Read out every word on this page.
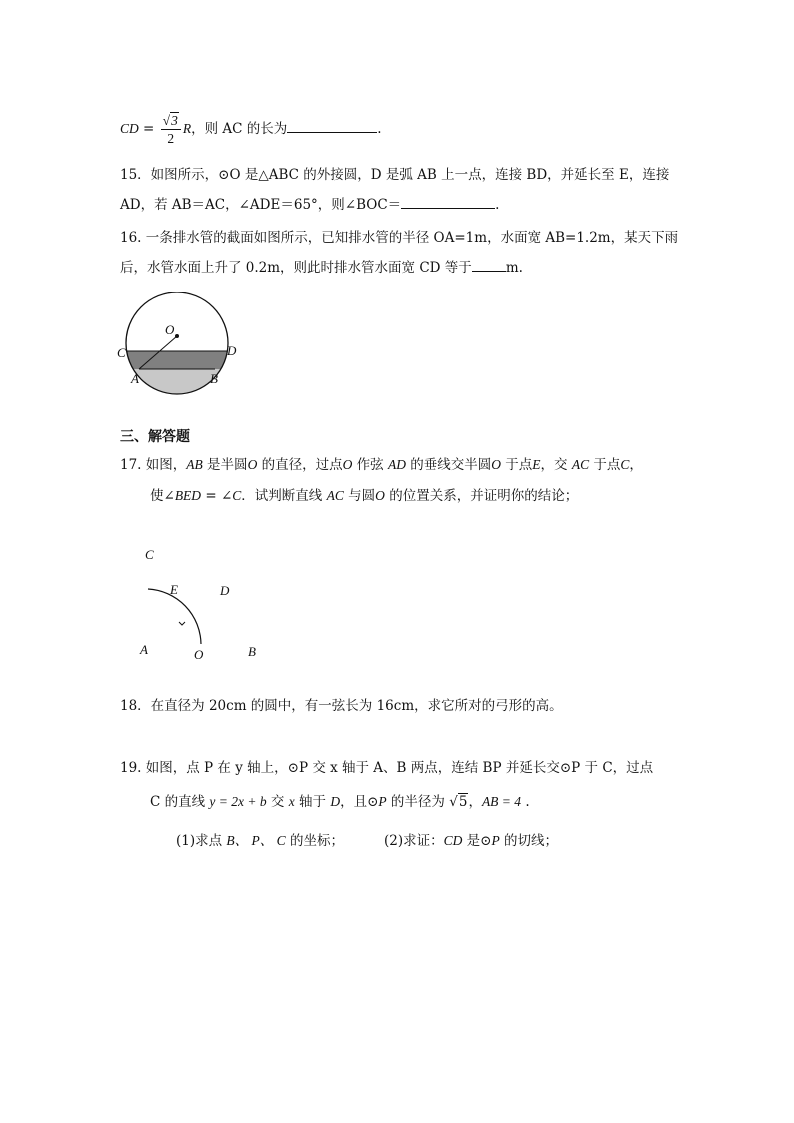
CD = $\frac{√3}{2}$ R，则 AC 的长为	.
15．如图所示，⊙O 是△ABC 的外接圆，D 是弧 AB 上一点，连接 BD，并延长至 E，连接
AD，若 AB＝AC，∠ADE＝65°，则∠BOC＝	.
16. 一条排水管的截面如图所示，已知排水管的半径 OA=1m，水面宽 AB=1.2m，某天下雨
后，水管水面上升了 0.2m，则此时排水管水面宽 CD 等于	m.
O
C	D
A	B
三、解答题
17. 如图，AB 是半圆O 的直径，过点O 作弦 AD 的垂线交半圆O 于点E，交 AC 于点C，
使∠BED = ∠C．试判断直线 AC 与圆O 的位置关系，并证明你的结论；
C
E	D
A	O	B
18．在直径为 20cm 的圆中，有一弦长为 16cm，求它所对的弓形的高。
19. 如图，点 P 在 y 轴上，⊙P 交 x 轴于 A、B 两点，连结 BP 并延长交⊙P 于 C，过点
C 的直线 y = 2x + b 交 x 轴于 D，且⊙P 的半径为 √5，AB = 4 .
(1)求点 B、 P、 C 的坐标；	(2)求证：CD 是⊙P 的切线；
